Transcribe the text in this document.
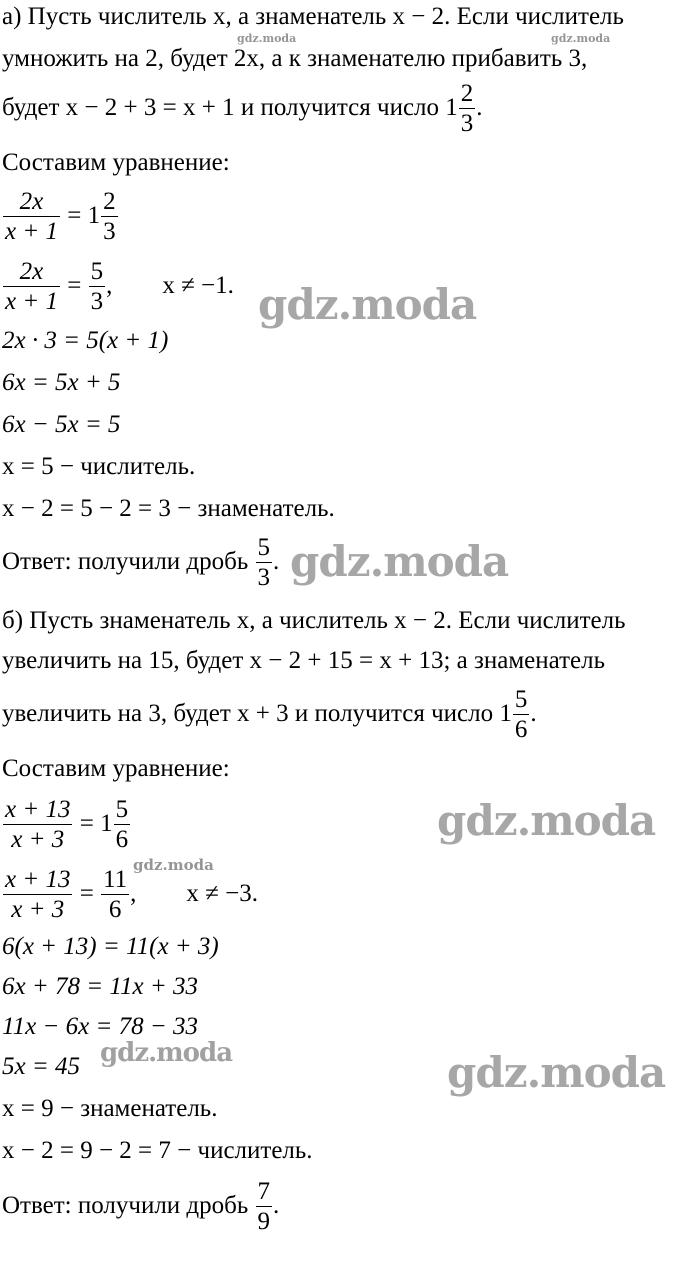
а) Пусть числитель x, а знаменатель x − 2. Если числитель
умножить на 2, будет 2x, а к знаменателю прибавить 3,
будет x − 2 + 3 = x + 1 и получится число $1 \frac{2}{3}$ .
Составим уравнение:
$\frac{2x}{x + 1} = 1 \frac{2}{3}$
$\frac{2x}{x + 1} = \frac{5}{3}$ ,        x ≠ −1.
2x · 3 = 5(x + 1)
6x = 5x + 5
6x − 5x = 5
x = 5 − числитель.
x − 2 = 5 − 2 = 3 − знаменатель.
Ответ: получили дробь $\frac{5}{3}$ .
б) Пусть знаменатель x, а числитель x − 2. Если числитель
увеличить на 15, будет x − 2 + 15 = x + 13; а знаменатель
увеличить на 3, будет x + 3 и получится число $1 \frac{5}{6}$ .
Составим уравнение:
$\frac{x + 13}{x + 3} = 1 \frac{5}{6}$
$\frac{x + 13}{x + 3} = \frac{11}{6}$ ,        x ≠ −3.
6(x + 13) = 11(x + 3)
6x + 78 = 11x + 33
11x − 6x = 78 − 33
5x = 45
x = 9 − знаменатель.
x − 2 = 9 − 2 = 7 − числитель.
Ответ: получили дробь $\frac{7}{9}$ .
gdz.moda	gdz.moda
gdz.moda
gdz.moda
gdz.moda
gdz.moda
gdz.moda	gdz.moda
